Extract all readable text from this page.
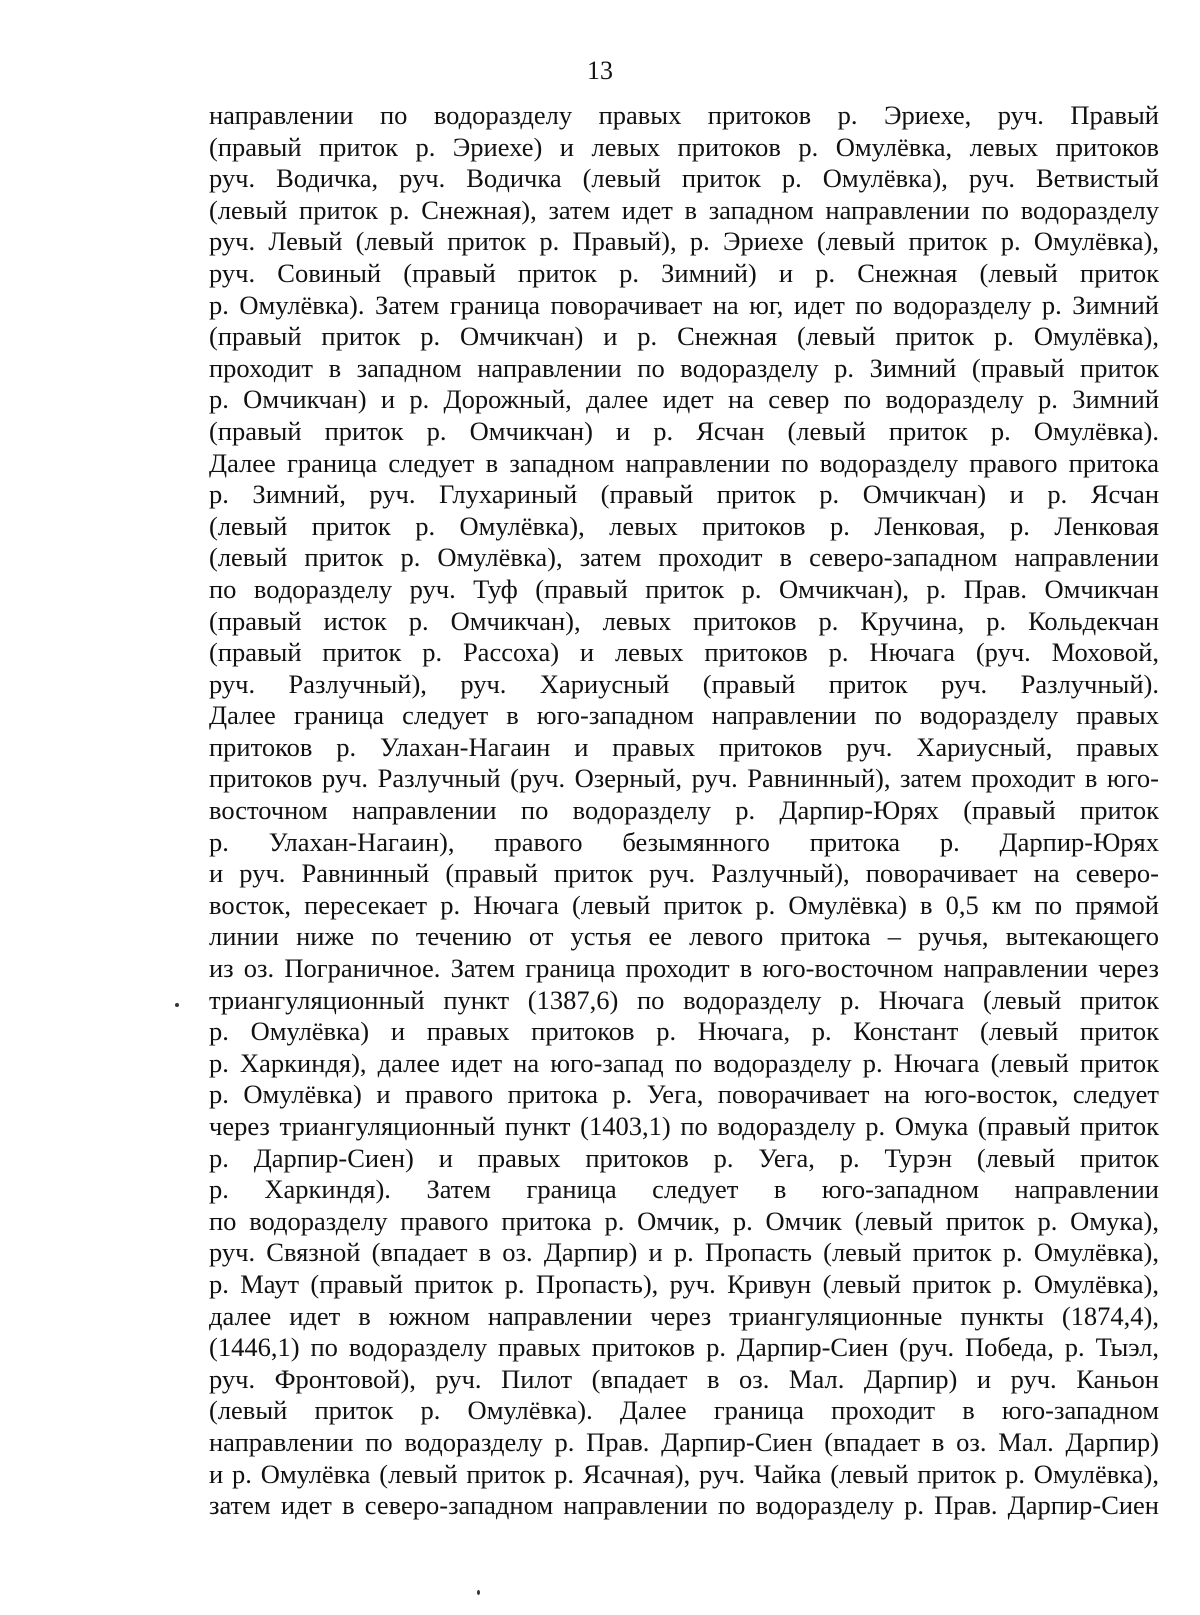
13
направлении по водоразделу правых притоков р. Эриехе, руч. Правый
(правый приток р. Эриехе) и левых притоков р. Омулёвка, левых притоков
руч. Водичка, руч. Водичка (левый приток р. Омулёвка), руч. Ветвистый
(левый приток р. Снежная), затем идет в западном направлении по водоразделу
руч. Левый (левый приток р. Правый), р. Эриехе (левый приток р. Омулёвка),
руч. Совиный (правый приток р. Зимний) и р. Снежная (левый приток
р. Омулёвка). Затем граница поворачивает на юг, идет по водоразделу р. Зимний
(правый приток р. Омчикчан) и р. Снежная (левый приток р. Омулёвка),
проходит в западном направлении по водоразделу р. Зимний (правый приток
р. Омчикчан) и р. Дорожный, далее идет на север по водоразделу р. Зимний
(правый приток р. Омчикчан) и р. Ясчан (левый приток р. Омулёвка).
Далее граница следует в западном направлении по водоразделу правого притока
р. Зимний, руч. Глухариный (правый приток р. Омчикчан) и р. Ясчан
(левый приток р. Омулёвка), левых притоков р. Ленковая, р. Ленковая
(левый приток р. Омулёвка), затем проходит в северо-западном направлении
по водоразделу руч. Туф (правый приток р. Омчикчан), р. Прав. Омчикчан
(правый исток р. Омчикчан), левых притоков р. Кручина, р. Кольдекчан
(правый приток р. Рассоха) и левых притоков р. Нючага (руч. Моховой,
руч. Разлучный), руч. Хариусный (правый приток руч. Разлучный).
Далее граница следует в юго-западном направлении по водоразделу правых
притоков р. Улахан-Нагаин и правых притоков руч. Хариусный, правых
притоков руч. Разлучный (руч. Озерный, руч. Равнинный), затем проходит в юго-
восточном направлении по водоразделу р. Дарпир-Юрях (правый приток
р. Улахан-Нагаин), правого безымянного притока р. Дарпир-Юрях
и руч. Равнинный (правый приток руч. Разлучный), поворачивает на северо-
восток, пересекает р. Нючага (левый приток р. Омулёвка) в 0,5 км по прямой
линии ниже по течению от устья ее левого притока – ручья, вытекающего
из оз. Пограничное. Затем граница проходит в юго-восточном направлении через
триангуляционный пункт (1387,6) по водоразделу р. Нючага (левый приток
р. Омулёвка) и правых притоков р. Нючага, р. Констант (левый приток
р. Харкиндя), далее идет на юго-запад по водоразделу р. Нючага (левый приток
р. Омулёвка) и правого притока р. Уега, поворачивает на юго-восток, следует
через триангуляционный пункт (1403,1) по водоразделу р. Омука (правый приток
р. Дарпир-Сиен) и правых притоков р. Уега, р. Турэн (левый приток
р. Харкиндя). Затем граница следует в юго-западном направлении
по водоразделу правого притока р. Омчик, р. Омчик (левый приток р. Омука),
руч. Связной (впадает в оз. Дарпир) и р. Пропасть (левый приток р. Омулёвка),
р. Маут (правый приток р. Пропасть), руч. Кривун (левый приток р. Омулёвка),
далее идет в южном направлении через триангуляционные пункты (1874,4),
(1446,1) по водоразделу правых притоков р. Дарпир-Сиен (руч. Победа, р. Тыэл,
руч. Фронтовой), руч. Пилот (впадает в оз. Мал. Дарпир) и руч. Каньон
(левый приток р. Омулёвка). Далее граница проходит в юго-западном
направлении по водоразделу р. Прав. Дарпир-Сиен (впадает в оз. Мал. Дарпир)
и р. Омулёвка (левый приток р. Ясачная), руч. Чайка (левый приток р. Омулёвка),
затем идет в северо-западном направлении по водоразделу р. Прав. Дарпир-Сиен
